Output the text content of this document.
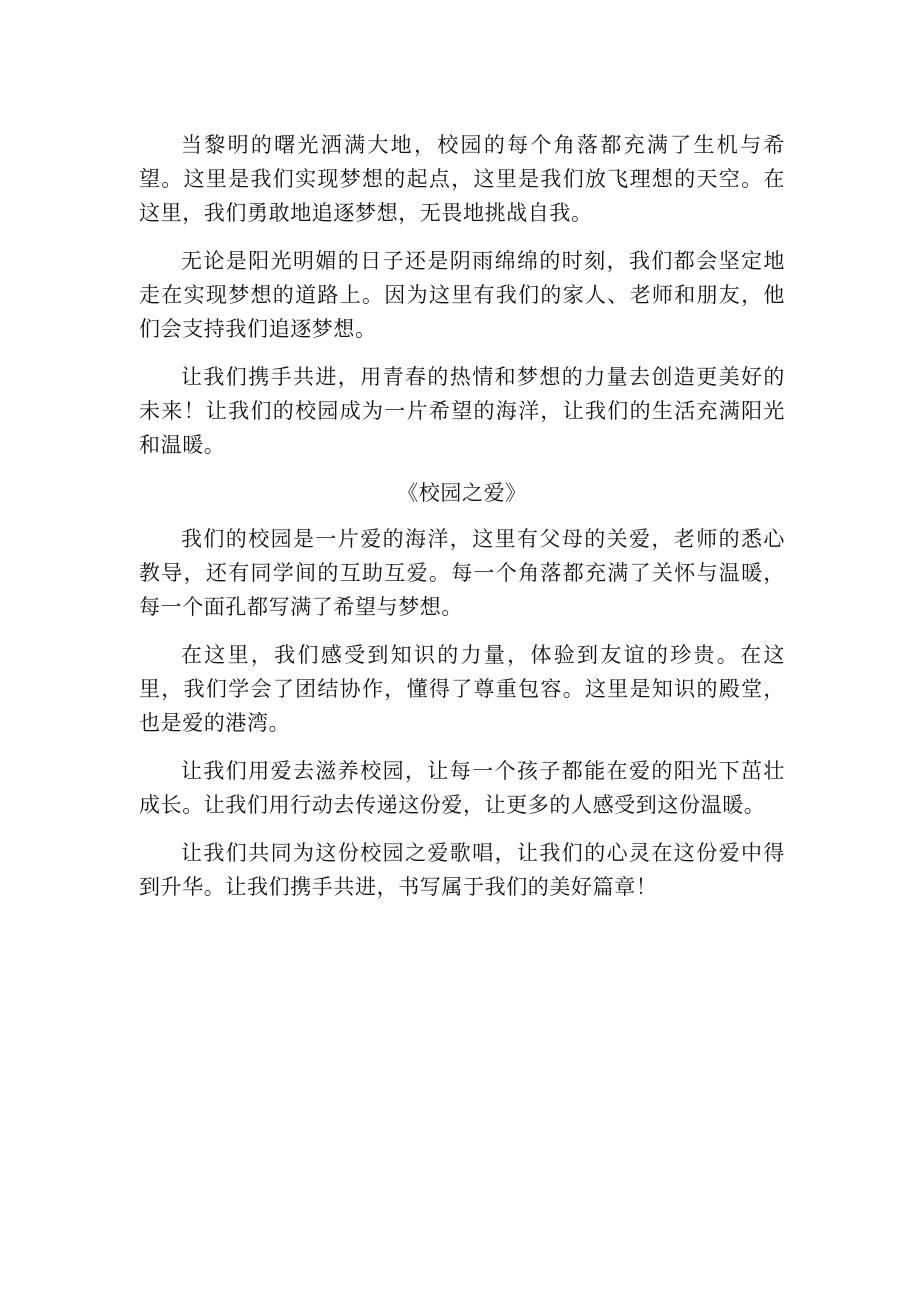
当黎明的曙光洒满大地，校园的每个角落都充满了生机与希望。这里是我们实现梦想的起点，这里是我们放飞理想的天空。在这里，我们勇敢地追逐梦想，无畏地挑战自我。

无论是阳光明媚的日子还是阴雨绵绵的时刻，我们都会坚定地走在实现梦想的道路上。因为这里有我们的家人、老师和朋友，他们会支持我们追逐梦想。

让我们携手共进，用青春的热情和梦想的力量去创造更美好的未来！让我们的校园成为一片希望的海洋，让我们的生活充满阳光和温暖。

《校园之爱》

我们的校园是一片爱的海洋，这里有父母的关爱，老师的悉心教导，还有同学间的互助互爱。每一个角落都充满了关怀与温暖，每一个面孔都写满了希望与梦想。

在这里，我们感受到知识的力量，体验到友谊的珍贵。在这里，我们学会了团结协作，懂得了尊重包容。这里是知识的殿堂，也是爱的港湾。

让我们用爱去滋养校园，让每一个孩子都能在爱的阳光下茁壮成长。让我们用行动去传递这份爱，让更多的人感受到这份温暖。

让我们共同为这份校园之爱歌唱，让我们的心灵在这份爱中得到升华。让我们携手共进，书写属于我们的美好篇章！
